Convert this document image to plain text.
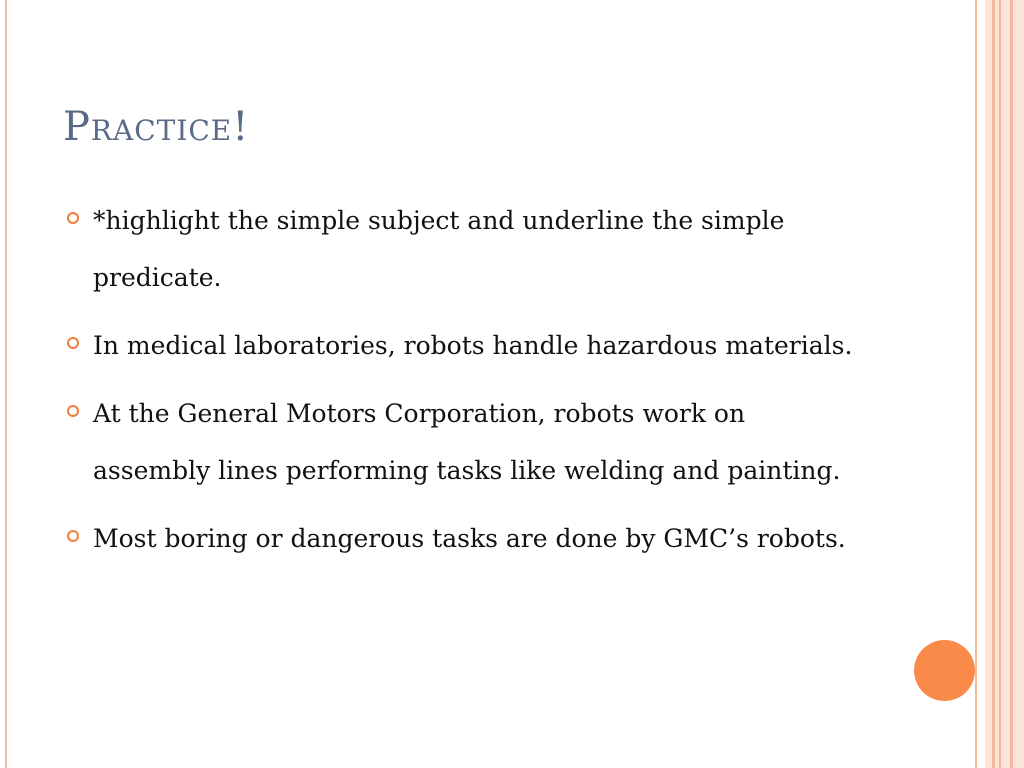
Practice!
*highlight the simple subject and underline the simple predicate.
In medical laboratories, robots handle hazardous materials.
At the General Motors Corporation, robots work on assembly lines performing tasks like welding and painting.
Most boring or dangerous tasks are done by GMC’s robots.
